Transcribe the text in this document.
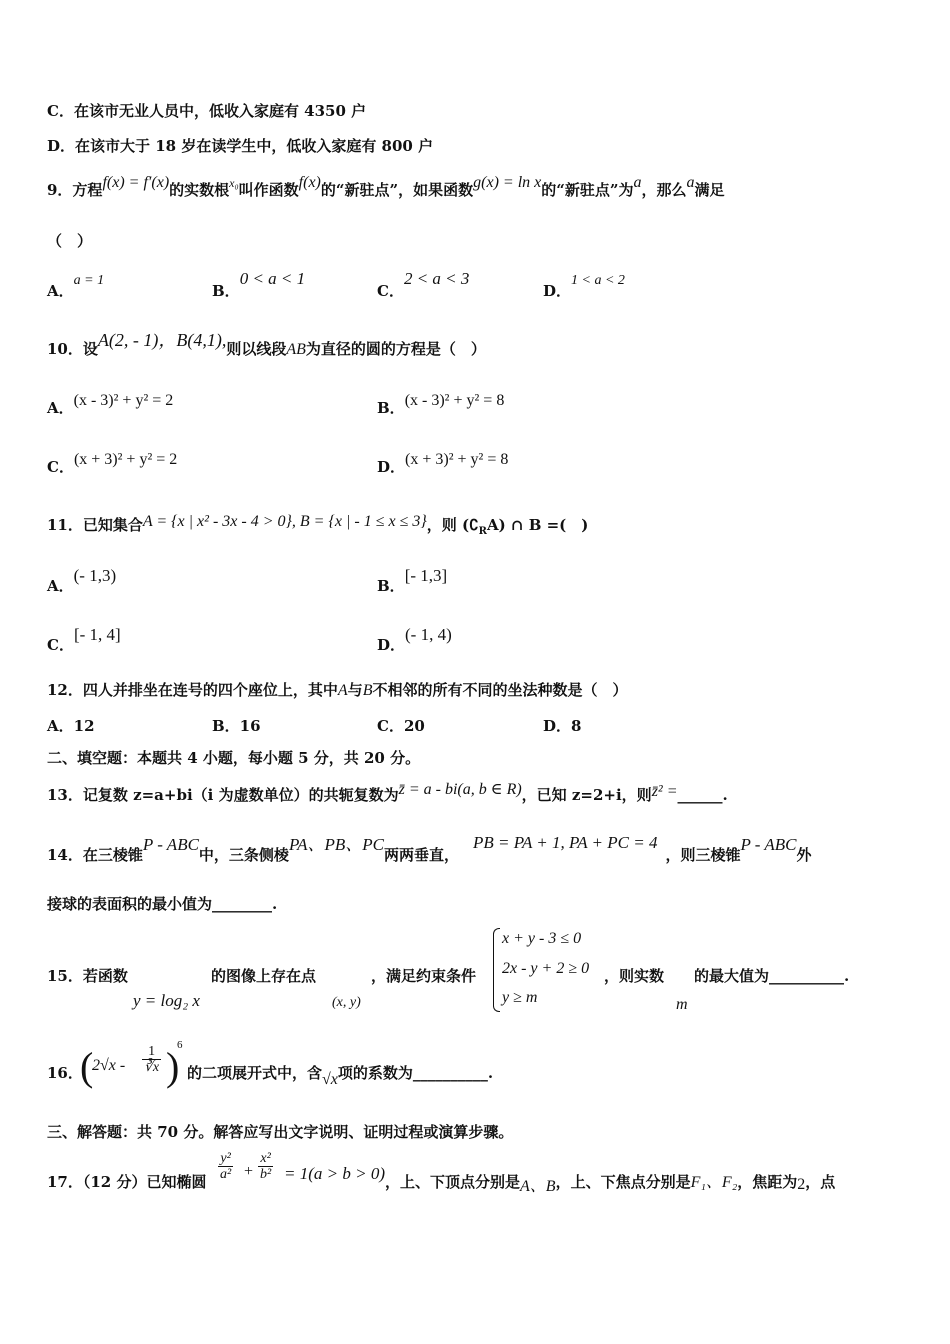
C．在该市无业人员中，低收入家庭有 4350 户
D．在该市大于 18 岁在读学生中，低收入家庭有 800 户
9．方程f(x) = f′(x)的实数根$^{x_0}$叫作函数f(x)的“新驻点”，如果函数g(x) = ln x的“新驻点”为a，那么a满足
（　）
A．a = 1
B．0 < a < 1
C．2 < a < 3
D．1 < a < 2
10．设A(2, - 1)，B(4,1),则以线段AB为直径的圆的方程是（　）
A．(x - 3)² + y² = 2	B．(x - 3)² + y² = 8
C．(x + 3)² + y² = 2	D．(x + 3)² + y² = 8
11．已知集合A = {x | x² - 3x - 4 > 0}, B = {x | - 1 ≤ x ≤ 3}，则 $(∁_RA)$ ∩ B =(　)
A．(- 1,3)
B．[- 1,3]
C．[- 1, 4]
D．(- 1, 4)
12．四人并排坐在连号的四个座位上，其中A与B不相邻的所有不同的坐法种数是（　）
A．12	B．16	C．20	D．8
二、填空题：本题共 4 小题，每小题 5 分，共 20 分。
13．记复数 z=a+bi（i 为虚数单位）的共轭复数为z̄ = a - bi(a, b ∈ R)，已知 z=2+i，则z̄² =______.
14．在三棱锥P - ABC中，三条侧棱PA、PB、PC两两垂直，PB = PA + 1, PA + PC = 4，则三棱锥P - ABC外
接球的表面积的最小值为________.
15．若函数
y = log₂ x
的图像上存在点
(x, y)
，满足约束条件
x + y - 3 ≤ 0
2x - y + 2 ≥ 0
y ≥ m
，则实数
m
的最大值为__________.
16．
(
$2√x - \frac{1}{∛x}$ )
6
的二项展开式中，含√x项的系数为__________.
三、解答题：共 70 分。解答应写出文字说明、证明过程或演算步骤。
17．（12 分）已知椭圆 $\frac{\text{y²}}{\text{a²}} + \frac{\text{x²}}{\text{b²}} = 1(a > b > 0)$，上、下顶点分别是A、B，上、下焦点分别是F₁、F₂，焦距为2，点
